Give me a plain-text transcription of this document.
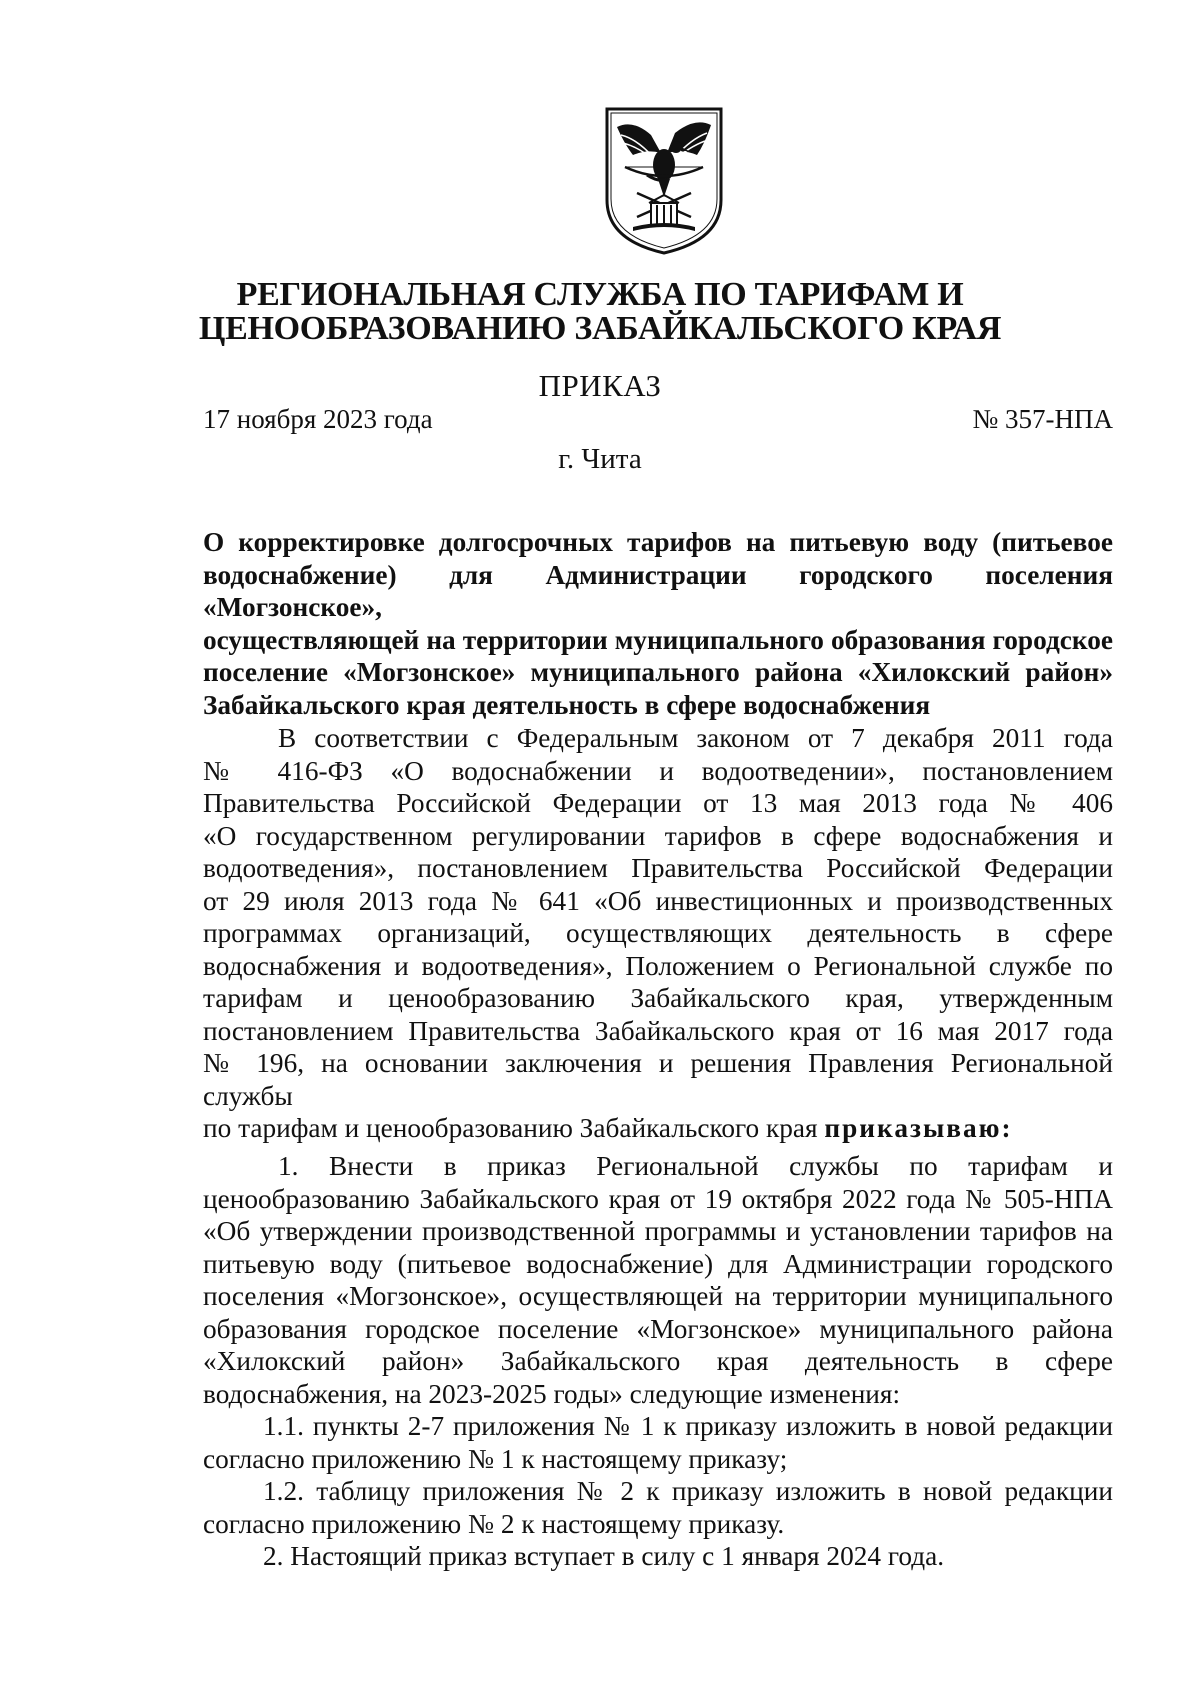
РЕГИОНАЛЬНАЯ СЛУЖБА ПО ТАРИФАМ И
ЦЕНООБРАЗОВАНИЮ ЗАБАЙКАЛЬСКОГО КРАЯ
ПРИКАЗ
17 ноября 2023 года	№ 357-НПА
г. Чита
О корректировке долгосрочных тарифов на питьевую воду (питьевое
водоснабжение) для Администрации городского поселения «Могзонское»,
осуществляющей на территории муниципального образования городское
поселение «Могзонское» муниципального района «Хилокский район»
Забайкальского края деятельность в сфере водоснабжения
В соответствии с Федеральным законом от 7 декабря 2011 года
№ 416-ФЗ «О водоснабжении и водоотведении», постановлением
Правительства Российской Федерации от 13 мая 2013 года № 406
«О государственном регулировании тарифов в сфере водоснабжения и
водоотведения», постановлением Правительства Российской Федерации
от 29 июля 2013 года № 641 «Об инвестиционных и производственных
программах организаций, осуществляющих деятельность в сфере
водоснабжения и водоотведения», Положением о Региональной службе по
тарифам и ценообразованию Забайкальского края, утвержденным
постановлением Правительства Забайкальского края от 16 мая 2017 года
№ 196, на основании заключения и решения Правления Региональной службы
по тарифам и ценообразованию Забайкальского края приказываю:
1. Внести в приказ Региональной службы по тарифам и
ценообразованию Забайкальского края от 19 октября 2022 года № 505-НПА
«Об утверждении производственной программы и установлении тарифов на
питьевую воду (питьевое водоснабжение) для Администрации городского
поселения «Могзонское», осуществляющей на территории муниципального
образования городское поселение «Могзонское» муниципального района
«Хилокский район» Забайкальского края деятельность в сфере
водоснабжения, на 2023-2025 годы» следующие изменения:
1.1. пункты 2-7 приложения № 1 к приказу изложить в новой редакции
согласно приложению № 1 к настоящему приказу;
1.2. таблицу приложения № 2 к приказу изложить в новой редакции
согласно приложению № 2 к настоящему приказу.
2. Настоящий приказ вступает в силу с 1 января 2024 года.
